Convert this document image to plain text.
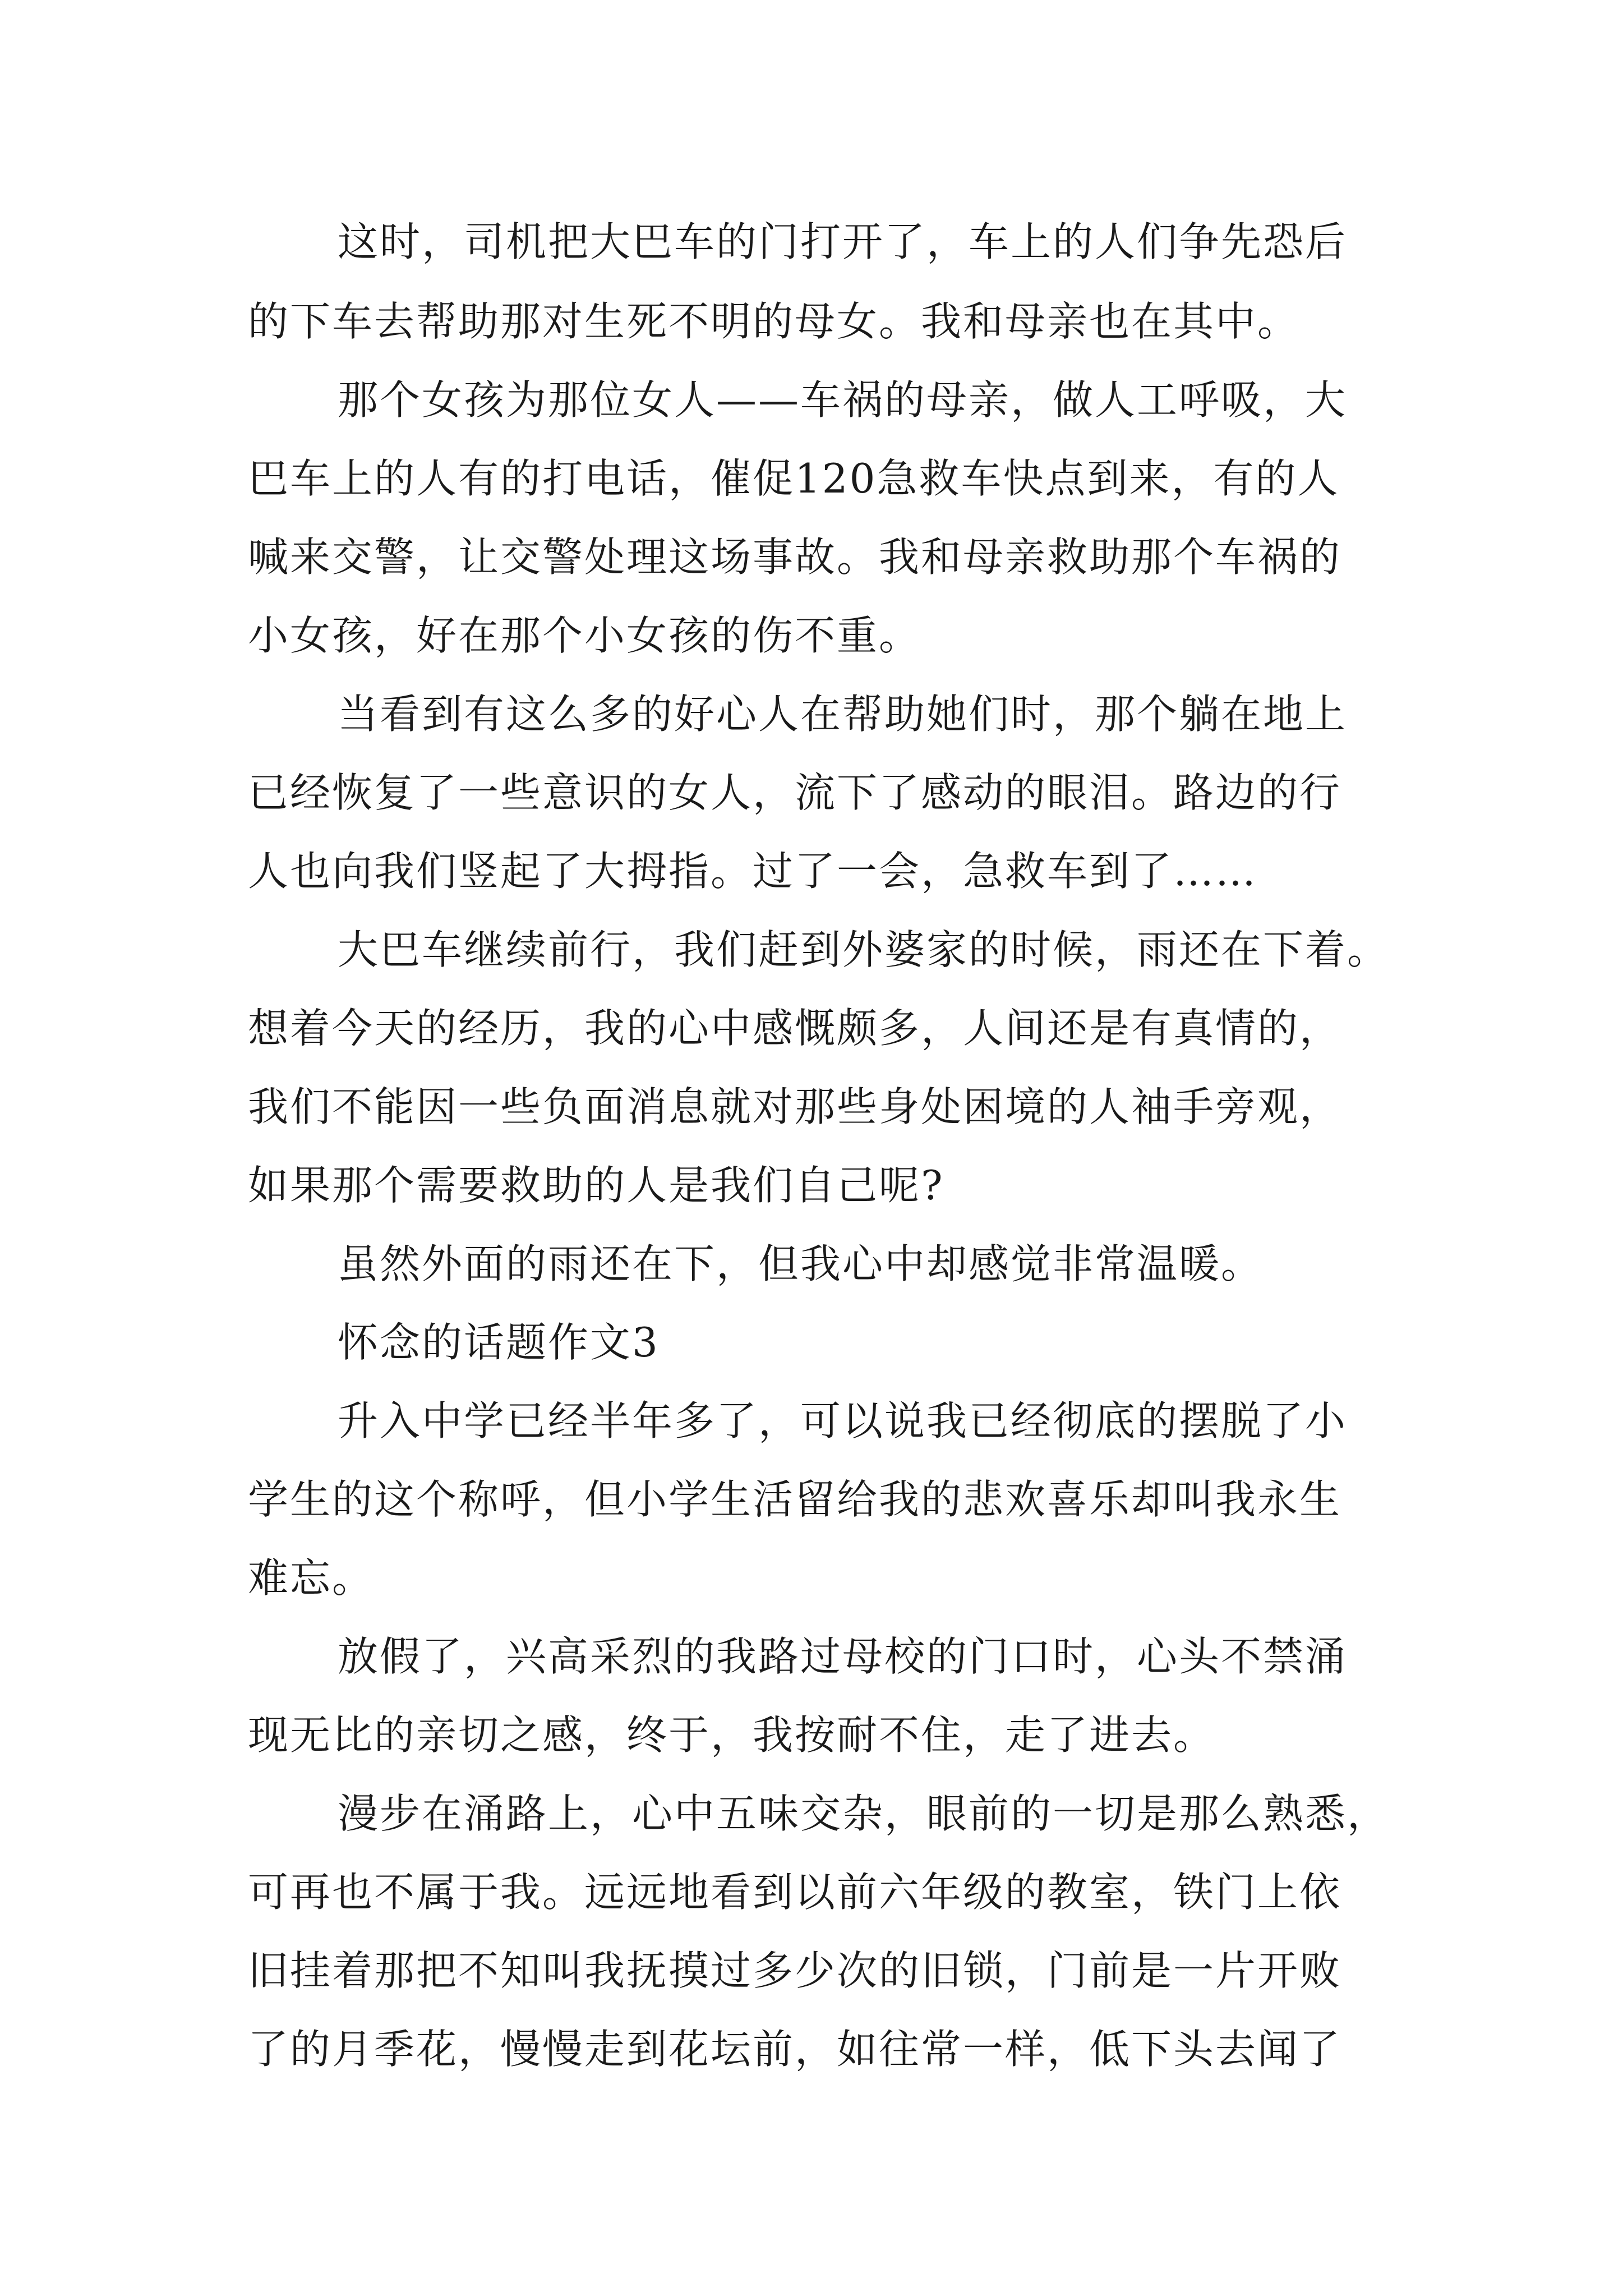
这时，司机把大巴车的门打开了，车上的人们争先恐后
的下车去帮助那对生死不明的母女。我和母亲也在其中。
那个女孩为那位女人——车祸的母亲，做人工呼吸，大
巴车上的人有的打电话，催促120急救车快点到来，有的人
喊来交警，让交警处理这场事故。我和母亲救助那个车祸的
小女孩，好在那个小女孩的伤不重。
当看到有这么多的好心人在帮助她们时，那个躺在地上
已经恢复了一些意识的女人，流下了感动的眼泪。路边的行
人也向我们竖起了大拇指。过了一会，急救车到了……
大巴车继续前行，我们赶到外婆家的时候，雨还在下着。
想着今天的经历，我的心中感慨颇多，人间还是有真情的，
我们不能因一些负面消息就对那些身处困境的人袖手旁观，
如果那个需要救助的人是我们自己呢?
虽然外面的雨还在下，但我心中却感觉非常温暖。
怀念的话题作文3
升入中学已经半年多了，可以说我已经彻底的摆脱了小
学生的这个称呼，但小学生活留给我的悲欢喜乐却叫我永生
难忘。
放假了，兴高采烈的我路过母校的门口时，心头不禁涌
现无比的亲切之感，终于，我按耐不住，走了进去。
漫步在涌路上，心中五味交杂，眼前的一切是那么熟悉，
可再也不属于我。远远地看到以前六年级的教室，铁门上依
旧挂着那把不知叫我抚摸过多少次的旧锁，门前是一片开败
了的月季花，慢慢走到花坛前，如往常一样，低下头去闻了
